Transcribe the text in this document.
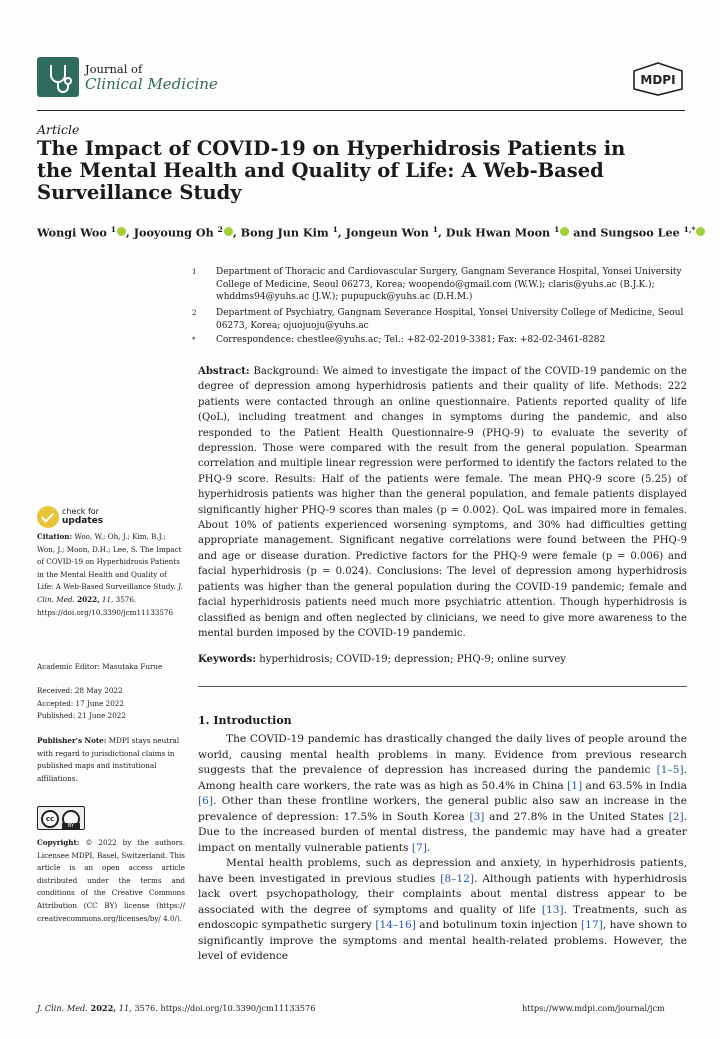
Journal of
Clinical Medicine	MDPI
Article
The Impact of COVID-19 on Hyperhidrosis Patients in the Mental Health and Quality of Life: A Web-Based Surveillance Study
Wongi Woo $^1$ , Jooyoung Oh $^2$ , Bong Jun Kim $^1$, Jongeun Won $^1$, Duk Hwan Moon $^1$ and Sungsoo Lee $^{1,*}$
1	Department of Thoracic and Cardiovascular Surgery, Gangnam Severance Hospital, Yonsei University College of Medicine, Seoul 06273, Korea; woopendo@gmail.com (W.W.); claris@yuhs.ac (B.J.K.); whddms94@yuhs.ac (J.W.); pupupuck@yuhs.ac (D.H.M.)
2	Department of Psychiatry, Gangnam Severance Hospital, Yonsei University College of Medicine, Seoul 06273, Korea; ojuojuoju@yuhs.ac
*	Correspondence: chestlee@yuhs.ac; Tel.: +82-02-2019-3381; Fax: +82-02-3461-8282
Abstract: Background: We aimed to investigate the impact of the COVID-19 pandemic on the degree of depression among hyperhidrosis patients and their quality of life. Methods: 222 patients were contacted through an online questionnaire. Patients reported quality of life (QoL), including treatment and changes in symptoms during the pandemic, and also responded to the Patient Health Questionnaire-9 (PHQ-9) to evaluate the severity of depression. Those were compared with the result from the general population. Spearman correlation and multiple linear regression were performed to identify the factors related to the PHQ-9 score. Results: Half of the patients were female. The mean PHQ-9 score (5.25) of hyperhidrosis patients was higher than the general population, and female patients displayed significantly higher PHQ-9 scores than males (p = 0.002). QoL was impaired more in females. About 10% of patients experienced worsening symptoms, and 30% had difficulties getting appropriate management. Significant negative correlations were found between the PHQ-9 and age or disease duration. Predictive factors for the PHQ-9 were female (p = 0.006) and facial hyperhidrosis (p = 0.024). Conclusions: The level of depression among hyperhidrosis patients was higher than the general population during the COVID-19 pandemic; female and facial hyperhidrosis patients need much more psychiatric attention. Though hyperhidrosis is classified as benign and often neglected by clinicians, we need to give more awareness to the mental burden imposed by the COVID-19 pandemic.
Keywords: hyperhidrosis; COVID-19; depression; PHQ-9; online survey
check for
updates
Citation: Woo, W.; Oh, J.; Kim, B.J.; Won, J.; Moon, D.H.; Lee, S. The Impact of COVID-19 on Hyperhidrosis Patients in the Mental Health and Quality of Life: A Web-Based Surveillance Study. J. Clin. Med. 2022, 11, 3576. https://doi.org/10.3390/jcm11133576
Academic Editor: Masutaka Furue
Received: 28 May 2022
Accepted: 17 June 2022
Published: 21 June 2022
Publisher's Note: MDPI stays neutral with regard to jurisdictional claims in published maps and institutional affiliations.
cc
BY
Copyright: © 2022 by the authors. Licensee MDPI, Basel, Switzerland. This article is an open access article distributed under the terms and conditions of the Creative Commons Attribution (CC BY) license (https:// creativecommons.org/licenses/by/ 4.0/).
1. Introduction
The COVID-19 pandemic has drastically changed the daily lives of people around the world, causing mental health problems in many. Evidence from previous research suggests that the prevalence of depression has increased during the pandemic [1–5]. Among health care workers, the rate was as high as 50.4% in China [1] and 63.5% in India [6]. Other than these frontline workers, the general public also saw an increase in the prevalence of depression: 17.5% in South Korea [3] and 27.8% in the United States [2]. Due to the increased burden of mental distress, the pandemic may have had a greater impact on mentally vulnerable patients [7].
Mental health problems, such as depression and anxiety, in hyperhidrosis patients, have been investigated in previous studies [8–12]. Although patients with hyperhidrosis lack overt psychopathology, their complaints about mental distress appear to be associated with the degree of symptoms and quality of life [13]. Treatments, such as endoscopic sympathetic surgery [14–16] and botulinum toxin injection [17], have shown to significantly improve the symptoms and mental health-related problems. However, the level of evidence
J. Clin. Med. 2022, 11, 3576. https://doi.org/10.3390/jcm11133576	https://www.mdpi.com/journal/jcm
